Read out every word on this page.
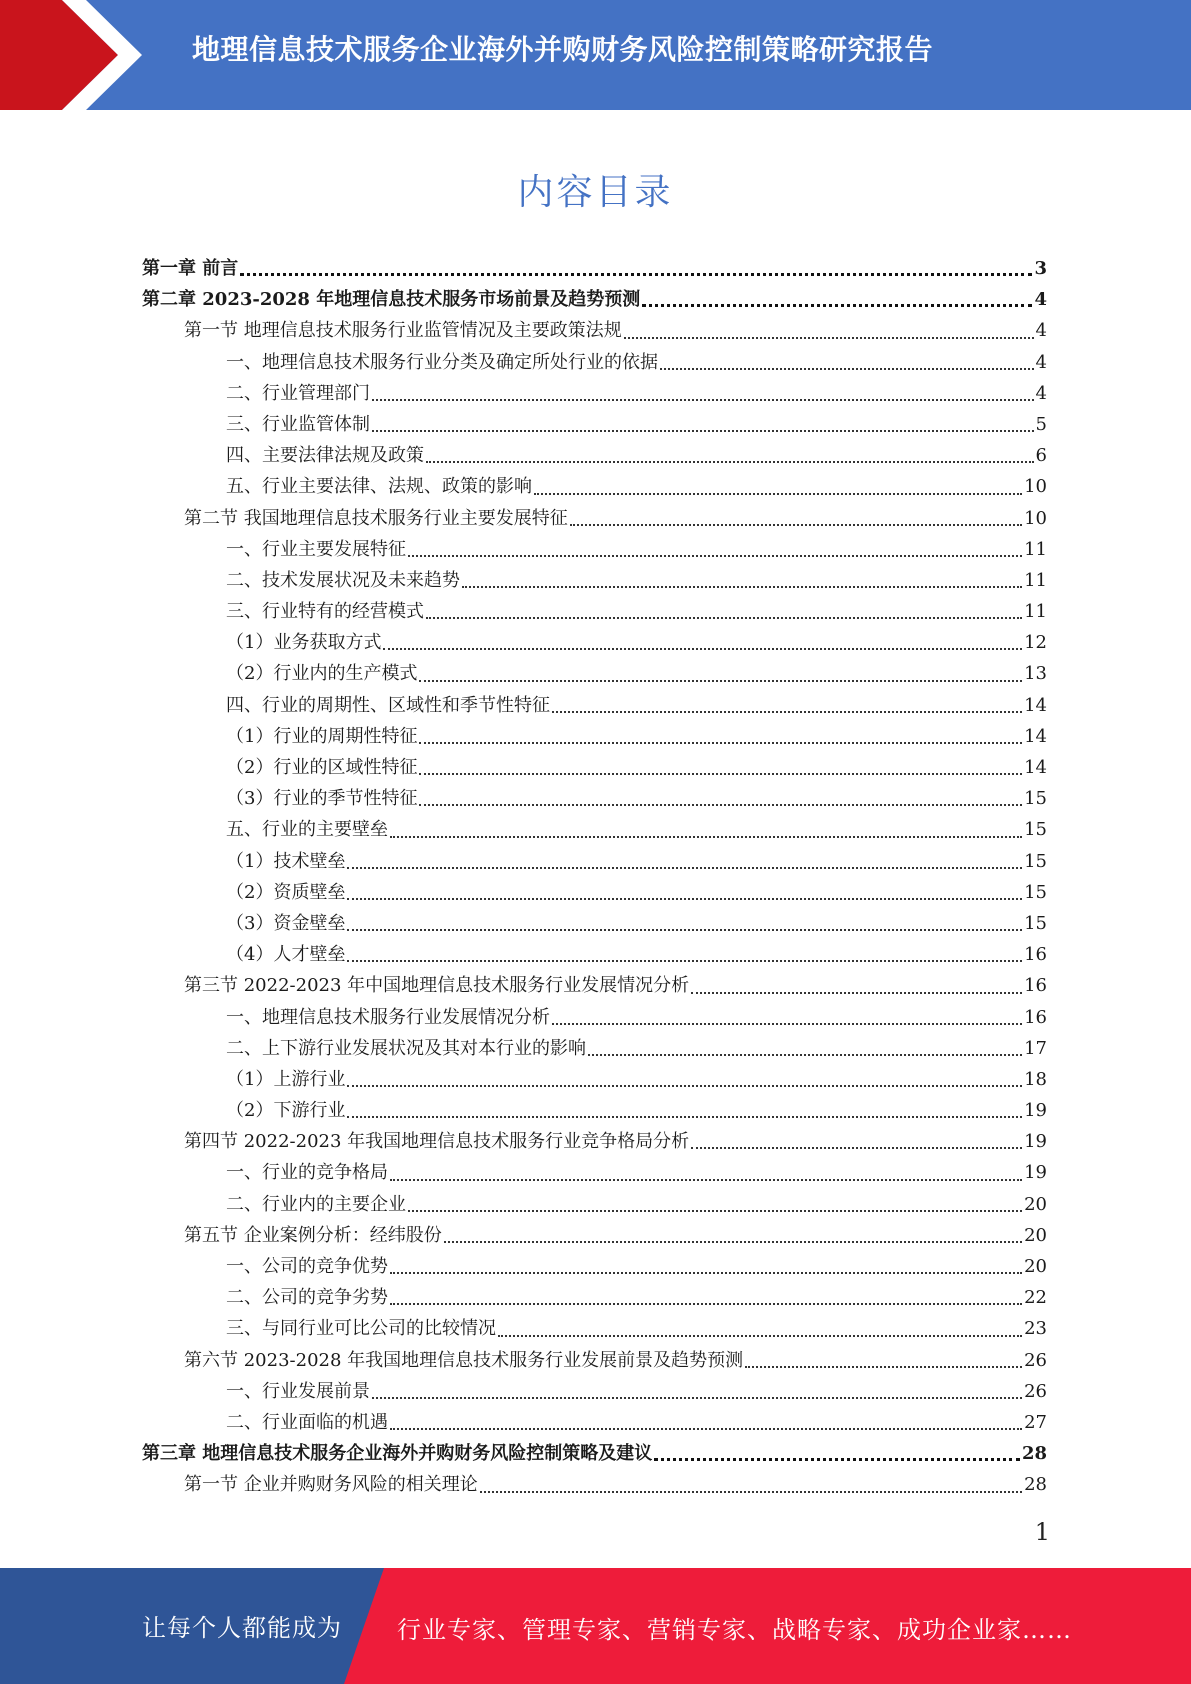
地理信息技术服务企业海外并购财务风险控制策略研究报告
内容目录
第一章 前言	3
第二章 2023-2028 年地理信息技术服务市场前景及趋势预测	4
第一节 地理信息技术服务行业监管情况及主要政策法规	4
一、地理信息技术服务行业分类及确定所处行业的依据	4
二、行业管理部门	4
三、行业监管体制	5
四、主要法律法规及政策	6
五、行业主要法律、法规、政策的影响	10
第二节 我国地理信息技术服务行业主要发展特征	10
一、行业主要发展特征	11
二、技术发展状况及未来趋势	11
三、行业特有的经营模式	11
（1）业务获取方式	12
（2）行业内的生产模式	13
四、行业的周期性、区域性和季节性特征	14
（1）行业的周期性特征	14
（2）行业的区域性特征	14
（3）行业的季节性特征	15
五、行业的主要壁垒	15
（1）技术壁垒	15
（2）资质壁垒	15
（3）资金壁垒	15
（4）人才壁垒	16
第三节 2022-2023 年中国地理信息技术服务行业发展情况分析	16
一、地理信息技术服务行业发展情况分析	16
二、上下游行业发展状况及其对本行业的影响	17
（1）上游行业	18
（2）下游行业	19
第四节 2022-2023 年我国地理信息技术服务行业竞争格局分析	19
一、行业的竞争格局	19
二、行业内的主要企业	20
第五节 企业案例分析：经纬股份	20
一、公司的竞争优势	20
二、公司的竞争劣势	22
三、与同行业可比公司的比较情况	23
第六节 2023-2028 年我国地理信息技术服务行业发展前景及趋势预测	26
一、行业发展前景	26
二、行业面临的机遇	27
第三章 地理信息技术服务企业海外并购财务风险控制策略及建议	28
第一节 企业并购财务风险的相关理论	28
1
让每个人都能成为 行业专家、管理专家、营销专家、战略专家、成功企业家……
